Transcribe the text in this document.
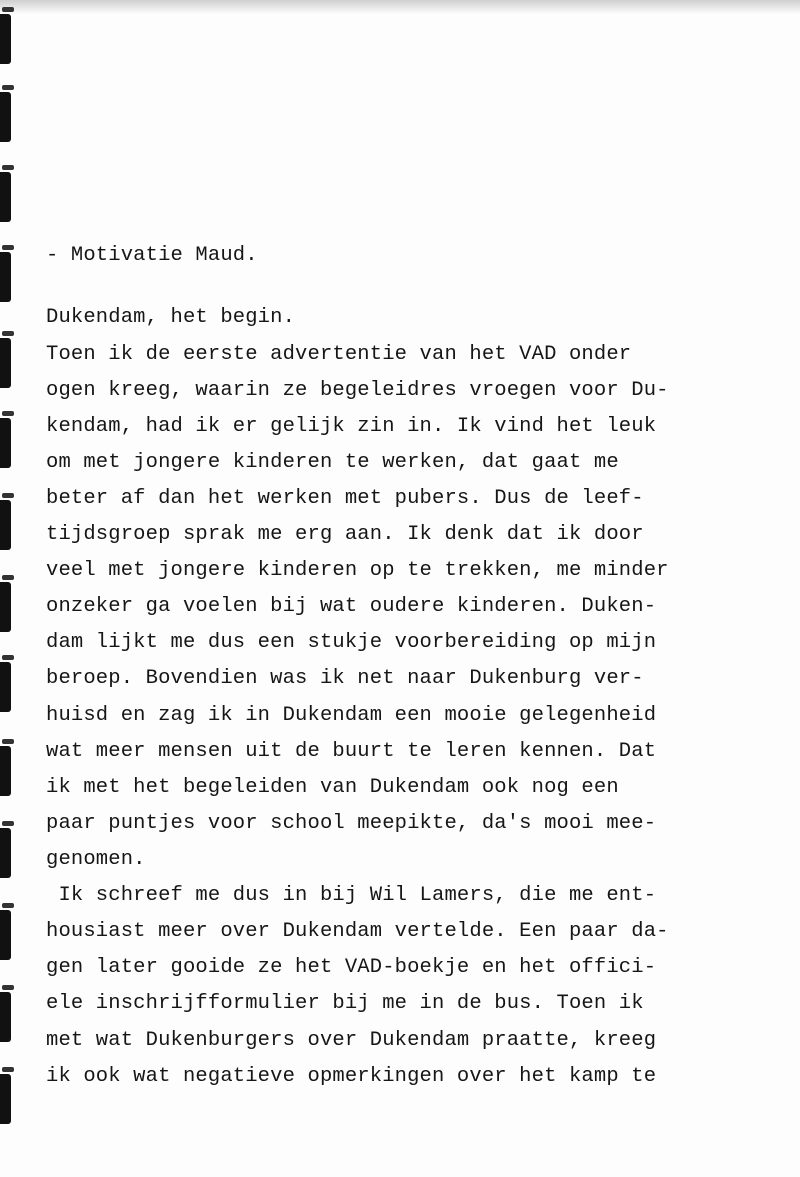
- Motivatie Maud.
Dukendam, het begin.
Toen ik de eerste advertentie van het VAD onder
ogen kreeg, waarin ze begeleidres vroegen voor Du-
kendam, had ik er gelijk zin in. Ik vind het leuk
om met jongere kinderen te werken, dat gaat me
beter af dan het werken met pubers. Dus de leef-
tijdsgroep sprak me erg aan. Ik denk dat ik door
veel met jongere kinderen op te trekken, me minder
onzeker ga voelen bij wat oudere kinderen. Duken-
dam lijkt me dus een stukje voorbereiding op mijn
beroep. Bovendien was ik net naar Dukenburg ver-
huisd en zag ik in Dukendam een mooie gelegenheid
wat meer mensen uit de buurt te leren kennen. Dat
ik met het begeleiden van Dukendam ook nog een
paar puntjes voor school meepikte, da's mooi mee-
genomen.
Ik schreef me dus in bij Wil Lamers, die me ent-
housiast meer over Dukendam vertelde. Een paar da-
gen later gooide ze het VAD-boekje en het offici-
ele inschrijfformulier bij me in de bus. Toen ik
met wat Dukenburgers over Dukendam praatte, kreeg
ik ook wat negatieve opmerkingen over het kamp te
